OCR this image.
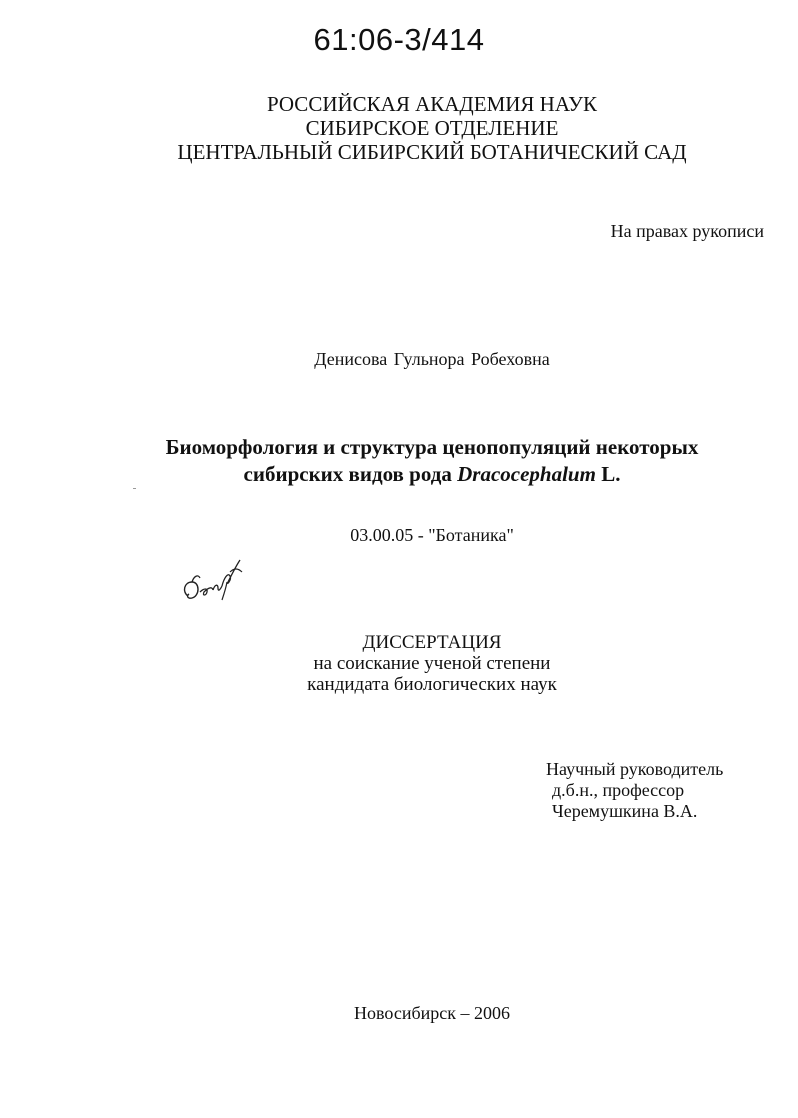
61:06-3/414
РОССИЙСКАЯ АКАДЕМИЯ НАУК
СИБИРСКОЕ ОТДЕЛЕНИЕ
ЦЕНТРАЛЬНЫЙ СИБИРСКИЙ БОТАНИЧЕСКИЙ САД
На правах рукописи
Денисова Гульнора Робеховна
Биоморфология и структура ценопопуляций некоторых
сибирских видов рода Dracocephalum L.
03.00.05 - "Ботаника"
ДИССЕРТАЦИЯ
на соискание ученой степени
кандидата биологических наук
Научный руководитель
д.б.н., профессор
Черемушкина В.А.
Новосибирск – 2006
